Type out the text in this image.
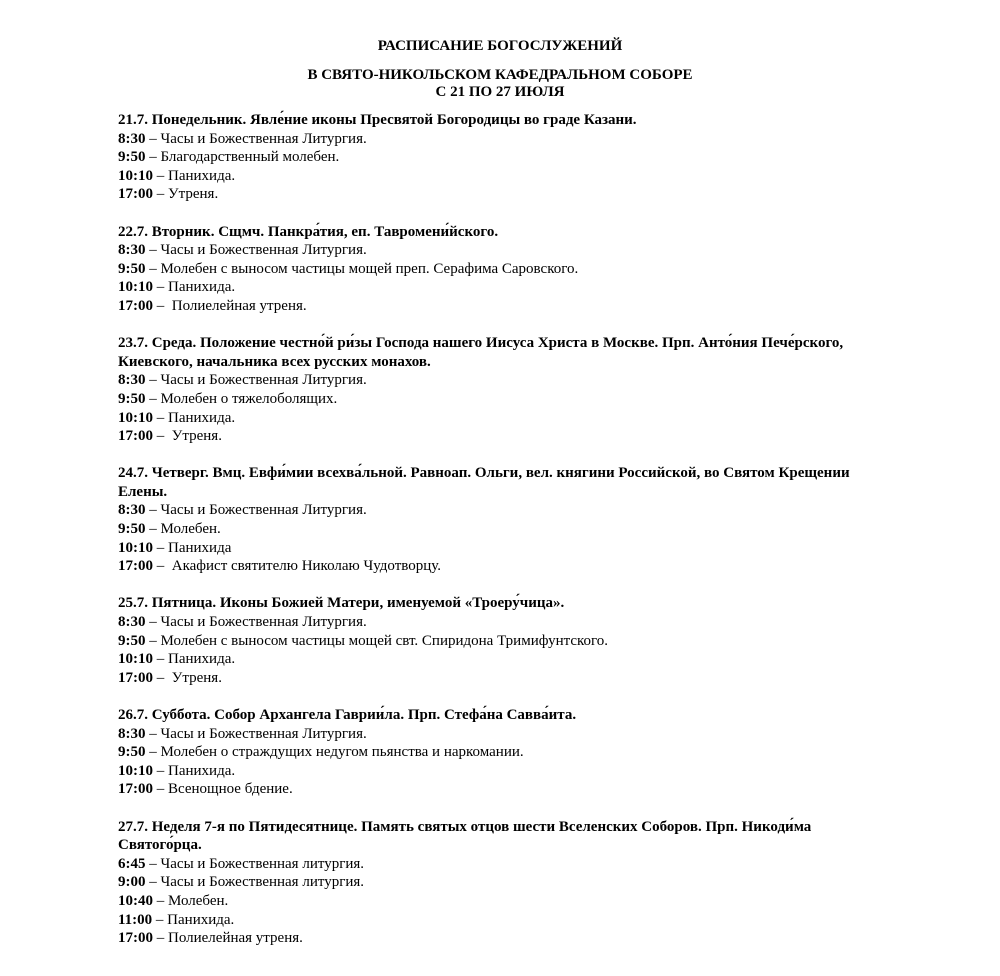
РАСПИСАНИЕ БОГОСЛУЖЕНИЙ
В СВЯТО-НИКОЛЬСКОМ КАФЕДРАЛЬНОМ СОБОРЕ
С 21 ПО 27 ИЮЛЯ
21.7. Понедельник. Явле́ние иконы Пресвятой Богородицы во граде Казани.
8:30 – Часы и Божественная Литургия.
9:50 – Благодарственный молебен.
10:10 – Панихида.
17:00 – Утреня.
22.7. Вторник. Сщмч. Панкра́тия, еп. Тавромени́йского.
8:30 – Часы и Божественная Литургия.
9:50 – Молебен с выносом частицы мощей преп. Серафима Саровского.
10:10 – Панихида.
17:00 –  Полиелейная утреня.
23.7. Среда. Положение честно́й ри́зы Господа нашего Иисуса Христа в Москве. Прп. Анто́ния Пече́рского, Киевского, начальника всех русских монахов.
8:30 – Часы и Божественная Литургия.
9:50 – Молебен о тяжелоболящих.
10:10 – Панихида.
17:00 –  Утреня.
24.7. Четверг. Вмц. Евфи́мии всехва́льной. Равноап. Ольги, вел. княгини Российской, во Святом Крещении Елены.
8:30 – Часы и Божественная Литургия.
9:50 – Молебен.
10:10 – Панихида
17:00 –  Акафист святителю Николаю Чудотворцу.
25.7. Пятница. Иконы Божией Матери, именуемой «Троеру́чица».
8:30 – Часы и Божественная Литургия.
9:50 – Молебен с выносом частицы мощей свт. Спиридона Тримифунтского.
10:10 – Панихида.
17:00 –  Утреня.
26.7. Суббота. Собор Архангела Гаврии́ла. Прп. Стефа́на Савва́ита.
8:30 – Часы и Божественная Литургия.
9:50 – Молебен о страждущих недугом пьянства и наркомании.
10:10 – Панихида.
17:00 – Всенощное бдение.
27.7. Неделя 7-я по Пятидесятнице. Память святых отцов шести Вселенских Соборов. Прп. Никоди́ма Святого́рца.
6:45 – Часы и Божественная литургия.
9:00 – Часы и Божественная литургия.
10:40 – Молебен.
11:00 – Панихида.
17:00 – Полиелейная утреня.
